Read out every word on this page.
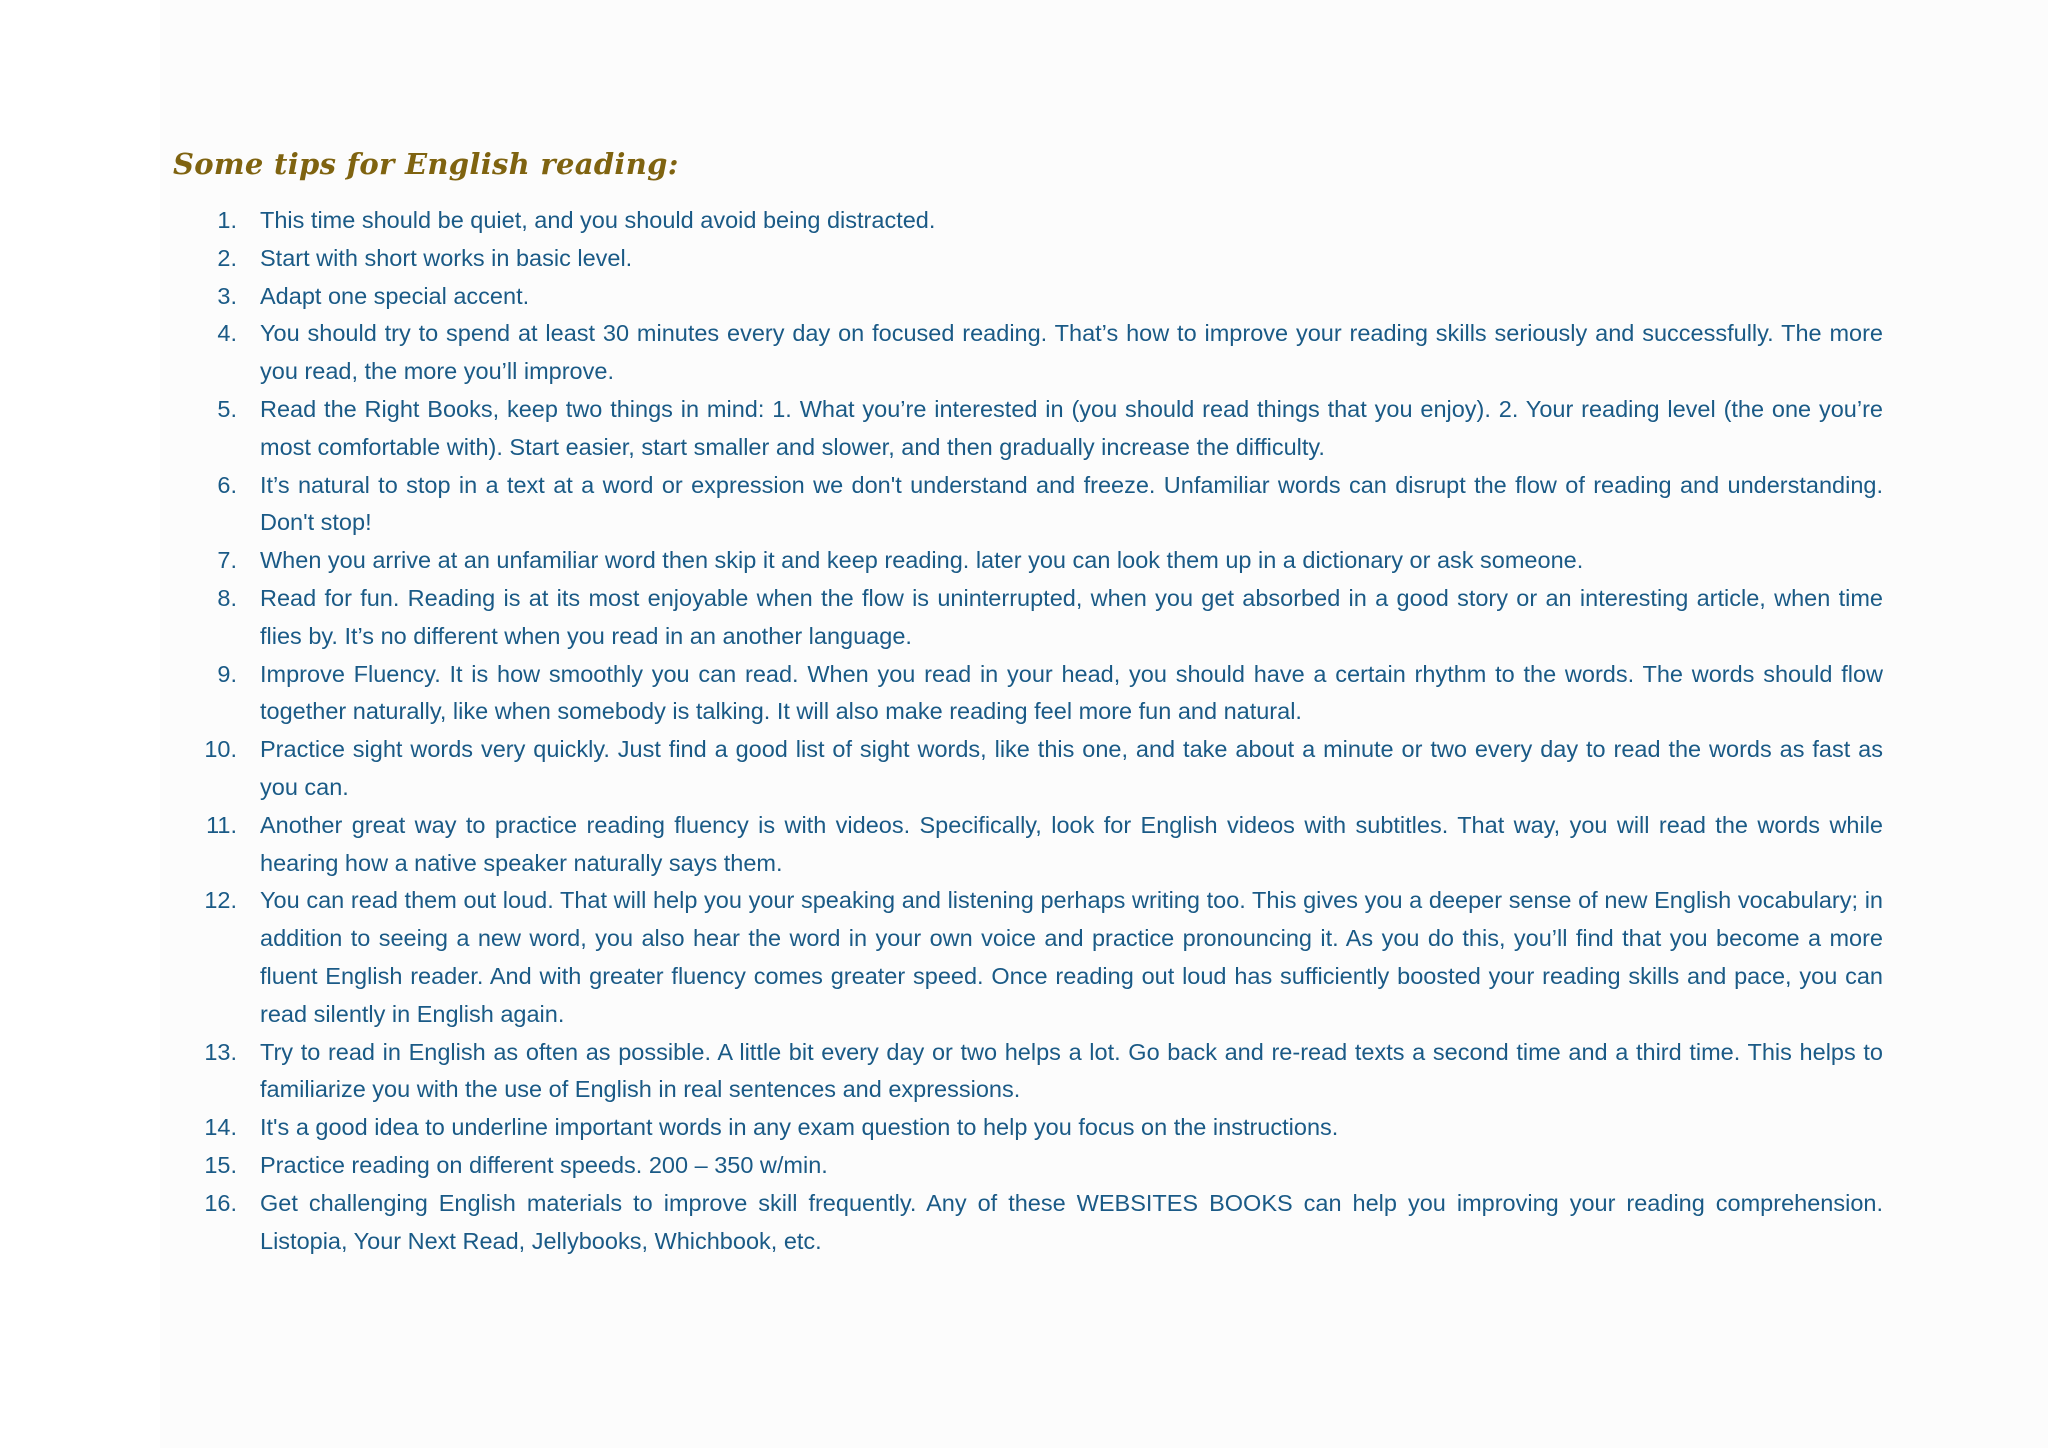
Some tips for English reading:
1. This time should be quiet, and you should avoid being distracted.
2. Start with short works in basic level.
3. Adapt one special accent.
4. You should try to spend at least 30 minutes every day on focused reading. That’s how to improve your reading skills seriously and successfully. The more you read, the more you’ll improve.
5. Read the Right Books, keep two things in mind: 1. What you’re interested in (you should read things that you enjoy). 2. Your reading level (the one you’re most comfortable with). Start easier, start smaller and slower, and then gradually increase the difficulty.
6. It’s natural to stop in a text at a word or expression we don't understand and freeze. Unfamiliar words can disrupt the flow of reading and understanding. Don't stop!
7. When you arrive at an unfamiliar word then skip it and keep reading. later you can look them up in a dictionary or ask someone.
8. Read for fun. Reading is at its most enjoyable when the flow is uninterrupted, when you get absorbed in a good story or an interesting article, when time flies by. It’s no different when you read in an another language.
9. Improve Fluency. It is how smoothly you can read. When you read in your head, you should have a certain rhythm to the words. The words should flow together naturally, like when somebody is talking. It will also make reading feel more fun and natural.
10. Practice sight words very quickly. Just find a good list of sight words, like this one, and take about a minute or two every day to read the words as fast as you can.
11. Another great way to practice reading fluency is with videos. Specifically, look for English videos with subtitles. That way, you will read the words while hearing how a native speaker naturally says them.
12. You can read them out loud. That will help you your speaking and listening perhaps writing too. This gives you a deeper sense of new English vocabulary; in addition to seeing a new word, you also hear the word in your own voice and practice pronouncing it. As you do this, you’ll find that you become a more fluent English reader. And with greater fluency comes greater speed. Once reading out loud has sufficiently boosted your reading skills and pace, you can read silently in English again.
13. Try to read in English as often as possible. A little bit every day or two helps a lot. Go back and re-read texts a second time and a third time. This helps to familiarize you with the use of English in real sentences and expressions.
14. It's a good idea to underline important words in any exam question to help you focus on the instructions.
15. Practice reading on different speeds. 200 – 350 w/min.
16. Get challenging English materials to improve skill frequently. Any of these WEBSITES BOOKS can help you improving your reading comprehension. Listopia, Your Next Read, Jellybooks, Whichbook, etc.
